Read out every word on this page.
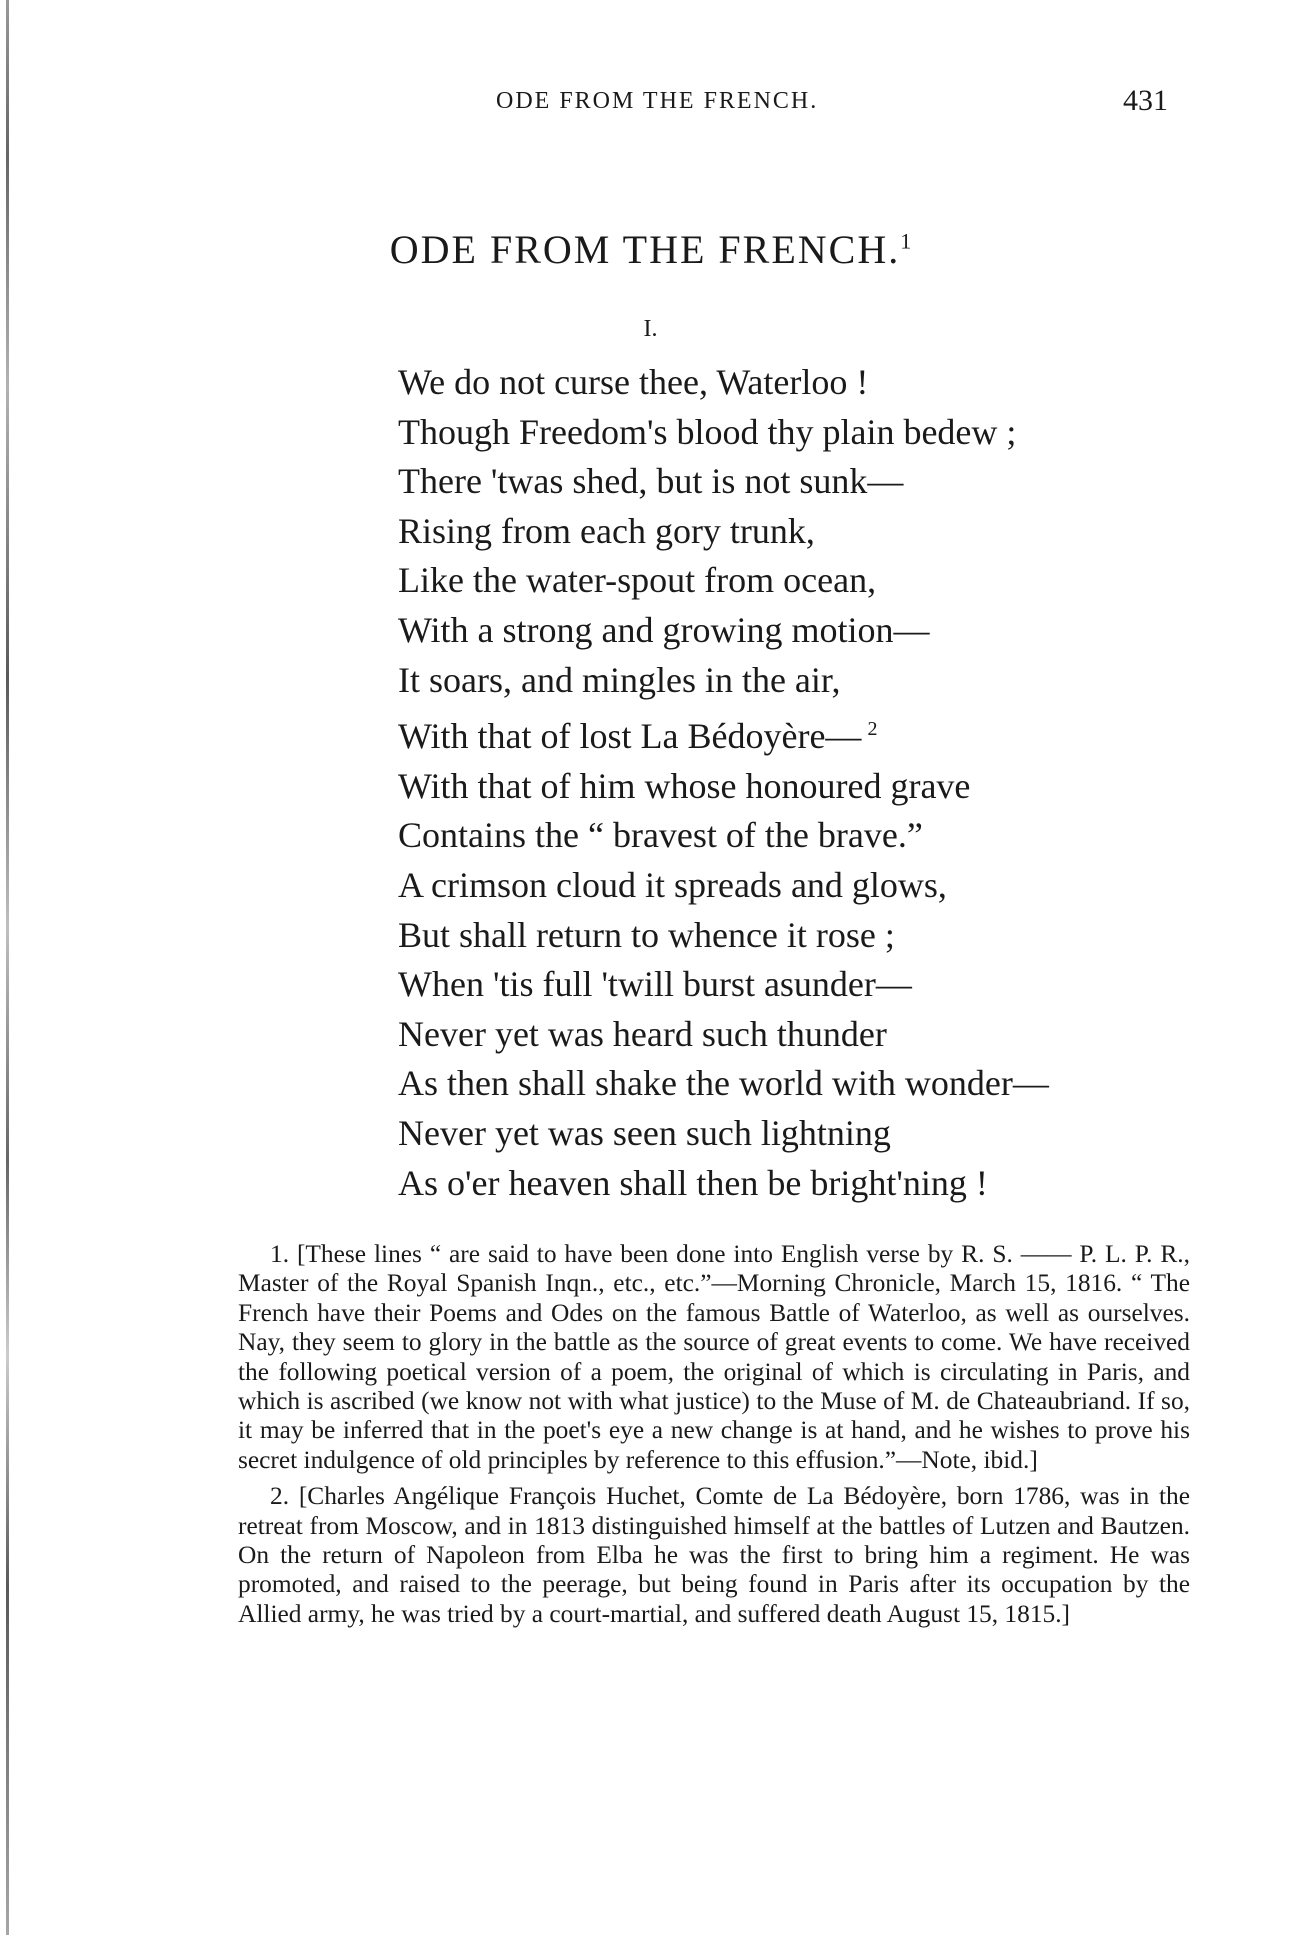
ODE FROM THE FRENCH.	431
ODE FROM THE FRENCH.$^1$
I.
We do not curse thee, Waterloo !
Though Freedom's blood thy plain bedew ;
There 'twas shed, but is not sunk—
Rising from each gory trunk,
Like the water-spout from ocean,
With a strong and growing motion—
It soars, and mingles in the air,
With that of lost La Bédoyère— $^2$
With that of him whose honoured grave
Contains the “ bravest of the brave.”
A crimson cloud it spreads and glows,
But shall return to whence it rose ;
When 'tis full 'twill burst asunder—
Never yet was heard such thunder
As then shall shake the world with wonder—
Never yet was seen such lightning
As o'er heaven shall then be bright'ning !

1. [These lines “ are said to have been done into English verse by R. S. —— P. L. P. R., Master of the Royal Spanish Inqn., etc., etc.”—Morning Chronicle, March 15, 1816. “ The French have their Poems and Odes on the famous Battle of Waterloo, as well as ourselves. Nay, they seem to glory in the battle as the source of great events to come. We have received the following poetical version of a poem, the original of which is circulating in Paris, and which is ascribed (we know not with what justice) to the Muse of M. de Chateaubriand. If so, it may be inferred that in the poet's eye a new change is at hand, and he wishes to prove his secret indulgence of old principles by reference to this effusion.”—Note, ibid.]

2. [Charles Angélique François Huchet, Comte de La Bédoyère, born 1786, was in the retreat from Moscow, and in 1813 distinguished himself at the battles of Lutzen and Bautzen. On the return of Napoleon from Elba he was the first to bring him a regiment. He was promoted, and raised to the peerage, but being found in Paris after its occupation by the Allied army, he was tried by a court-martial, and suffered death August 15, 1815.]
